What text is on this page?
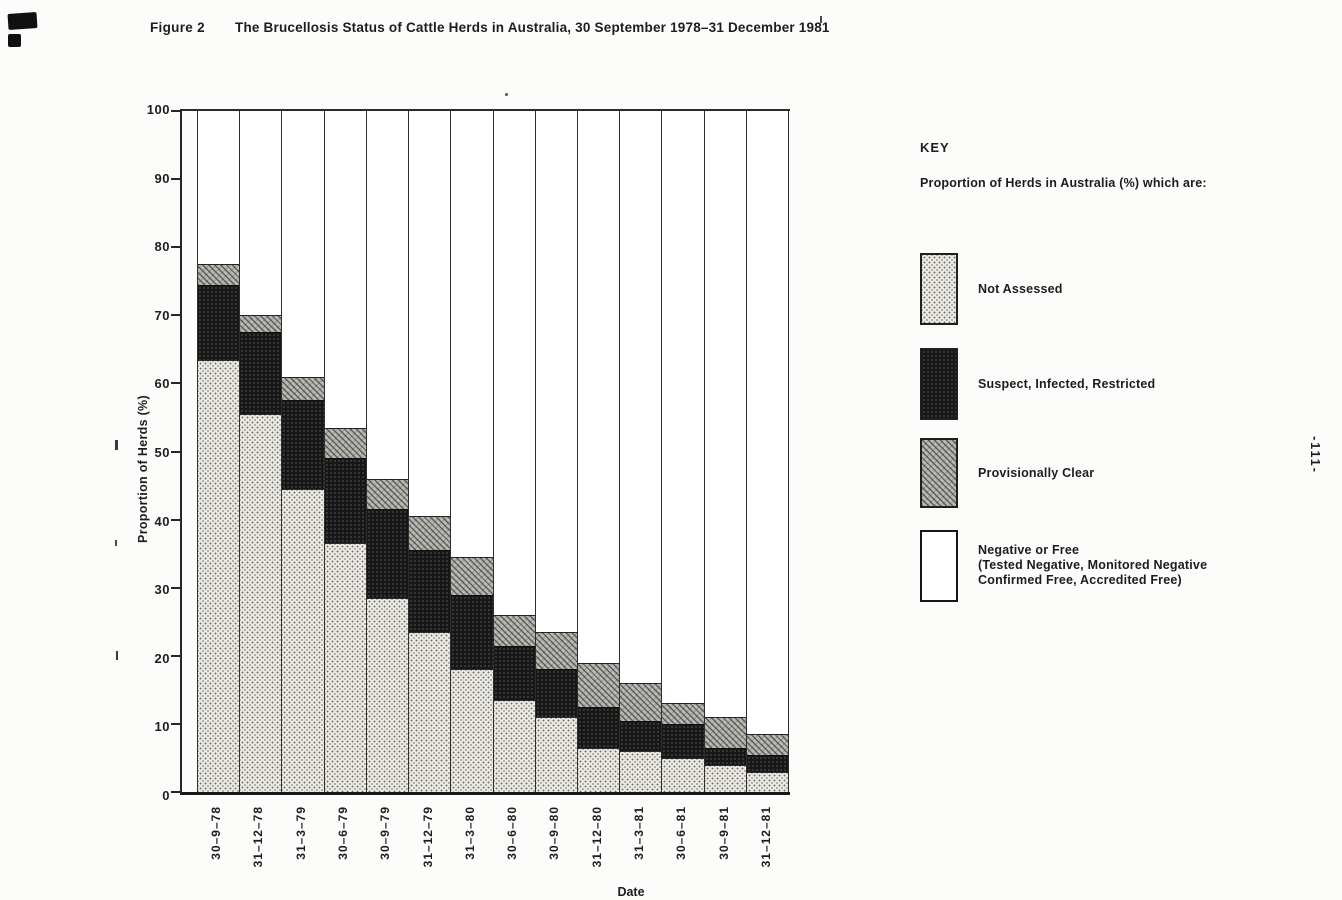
Figure 2 The Brucellosis Status of Cattle Herds in Australia, 30 September 1978–31 December 1981
Proportion of Herds (%)
0
10
20
30
40
50
60
70
80
90
100
30–9–78 31–12–78 31–3–79 30–6–79 30–9–79 31–12–79 31–3–80 30–6–80 30–9–80 31–12–80 31–3–81 30–6–81 30–9–81 31–12–81
Date
KEY
Proportion of Herds in Australia (%) which are:
Not Assessed
Suspect, Infected, Restricted
Provisionally Clear
Negative or Free
(Tested Negative, Monitored Negative
Confirmed Free, Accredited Free)
-111-
